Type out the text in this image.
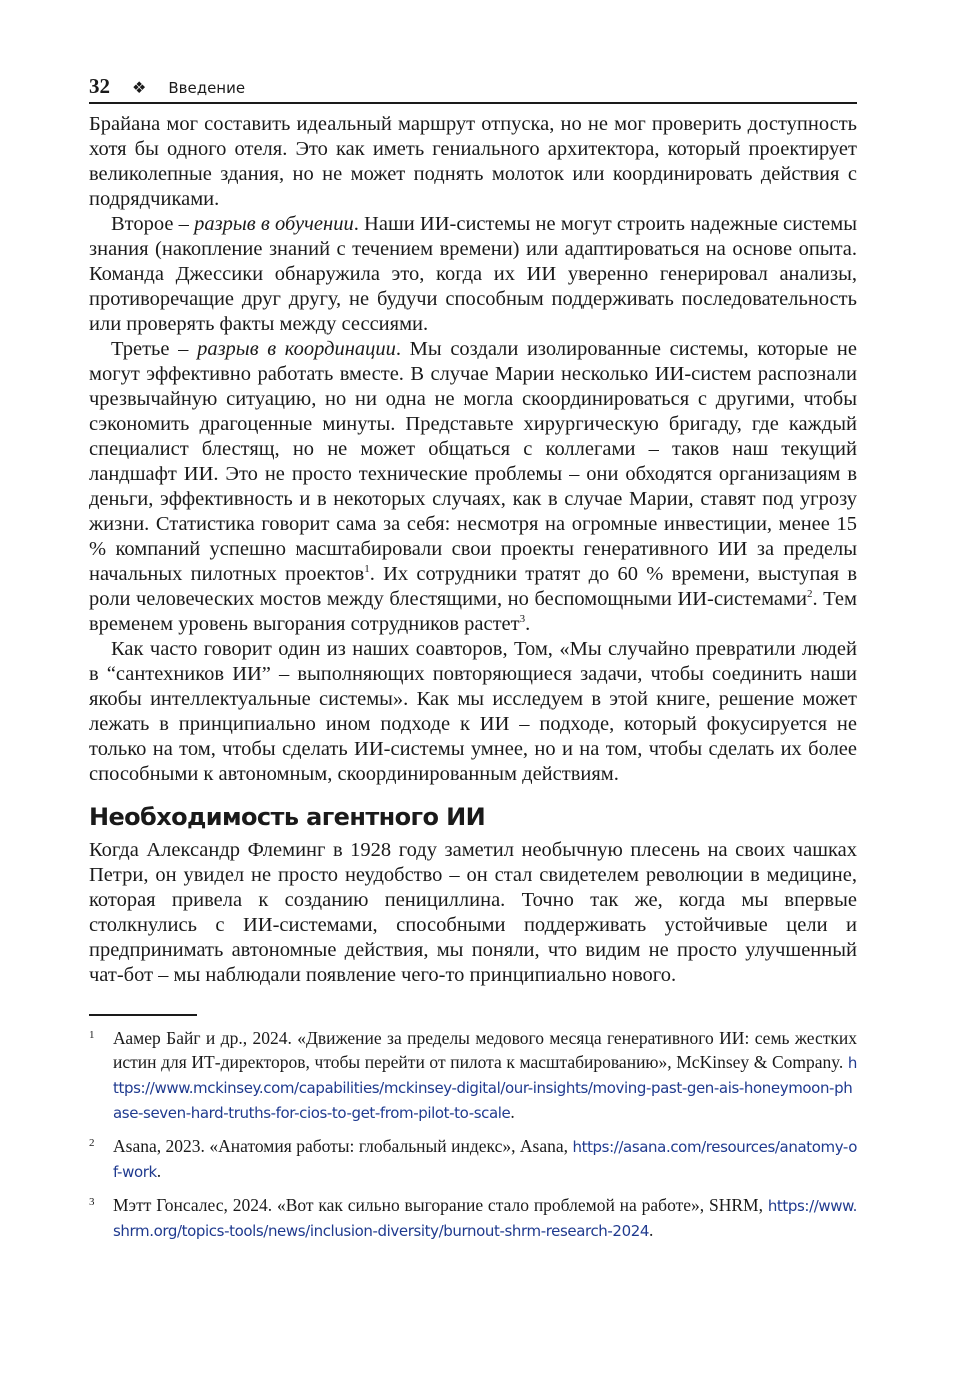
32 ❖ Введение

Брайана мог составить идеальный маршрут отпуска, но не мог проверить доступность хотя бы одного отеля. Это как иметь гениального архитектора, который проектирует великолепные здания, но не может поднять молоток или координировать действия с подрядчиками.

Второе – разрыв в обучении. Наши ИИ-системы не могут строить надежные системы знания (накопление знаний с течением времени) или адаптироваться на основе опыта. Команда Джессики обнаружила это, когда их ИИ уверенно генерировал анализы, противоречащие друг другу, не будучи способным поддерживать последовательность или проверять факты между сессиями.

Третье – разрыв в координации. Мы создали изолированные системы, которые не могут эффективно работать вместе. В случае Марии несколько ИИ-систем распознали чрезвычайную ситуацию, но ни одна не могла скоординироваться с другими, чтобы сэкономить драгоценные минуты. Представьте хирургическую бригаду, где каждый специалист блестящ, но не может общаться с коллегами – таков наш текущий ландшафт ИИ. Это не просто технические проблемы – они обходятся организациям в деньги, эффективность и в некоторых случаях, как в случае Марии, ставят под угрозу жизни. Статистика говорит сама за себя: несмотря на огромные инвестиции, менее 15 % компаний успешно масштабировали свои проекты генеративного ИИ за пределы начальных пилотных проектов$^1$. Их сотрудники тратят до 60 % времени, выступая в роли человеческих мостов между блестящими, но беспомощными ИИ-системами$^2$. Тем временем уровень выгорания сотрудников растет$^3$.

Как часто говорит один из наших соавторов, Том, «Мы случайно превратили людей в “сантехников ИИ” – выполняющих повторяющиеся задачи, чтобы соединить наши якобы интеллектуальные системы». Как мы исследуем в этой книге, решение может лежать в принципиально ином подходе к ИИ – подходе, который фокусируется не только на том, чтобы сделать ИИ-системы умнее, но и на том, чтобы сделать их более способными к автономным, скоординированным действиям.

Необходимость агентного ИИ

Когда Александр Флеминг в 1928 году заметил необычную плесень на своих чашках Петри, он увидел не просто неудобство – он стал свидетелем революции в медицине, которая привела к созданию пенициллина. Точно так же, когда мы впервые столкнулись с ИИ-системами, способными поддерживать устойчивые цели и предпринимать автономные действия, мы поняли, что видим не просто улучшенный чат-бот – мы наблюдали появление чего-то принципиально нового.

1	Аамер Байг и др., 2024. «Движение за пределы медового месяца генеративного ИИ: семь жестких истин для ИТ-директоров, чтобы перейти от пилота к масштабированию», McKinsey & Company. https://www.mckinsey.com/capabilities/mckinsey-digital/our-insights/moving-past-gen-ais-honeymoon-phase-seven-hard-truths-for-cios-to-get-from-pilot-to-scale.
2	Asana, 2023. «Анатомия работы: глобальный индекс», Asana, https://asana.com/resources/anatomy-of-work.
3	Мэтт Гонсалес, 2024. «Вот как сильно выгорание стало проблемой на работе», SHRM, https://www.shrm.org/topics-tools/news/inclusion-diversity/burnout-shrm-research-2024.
